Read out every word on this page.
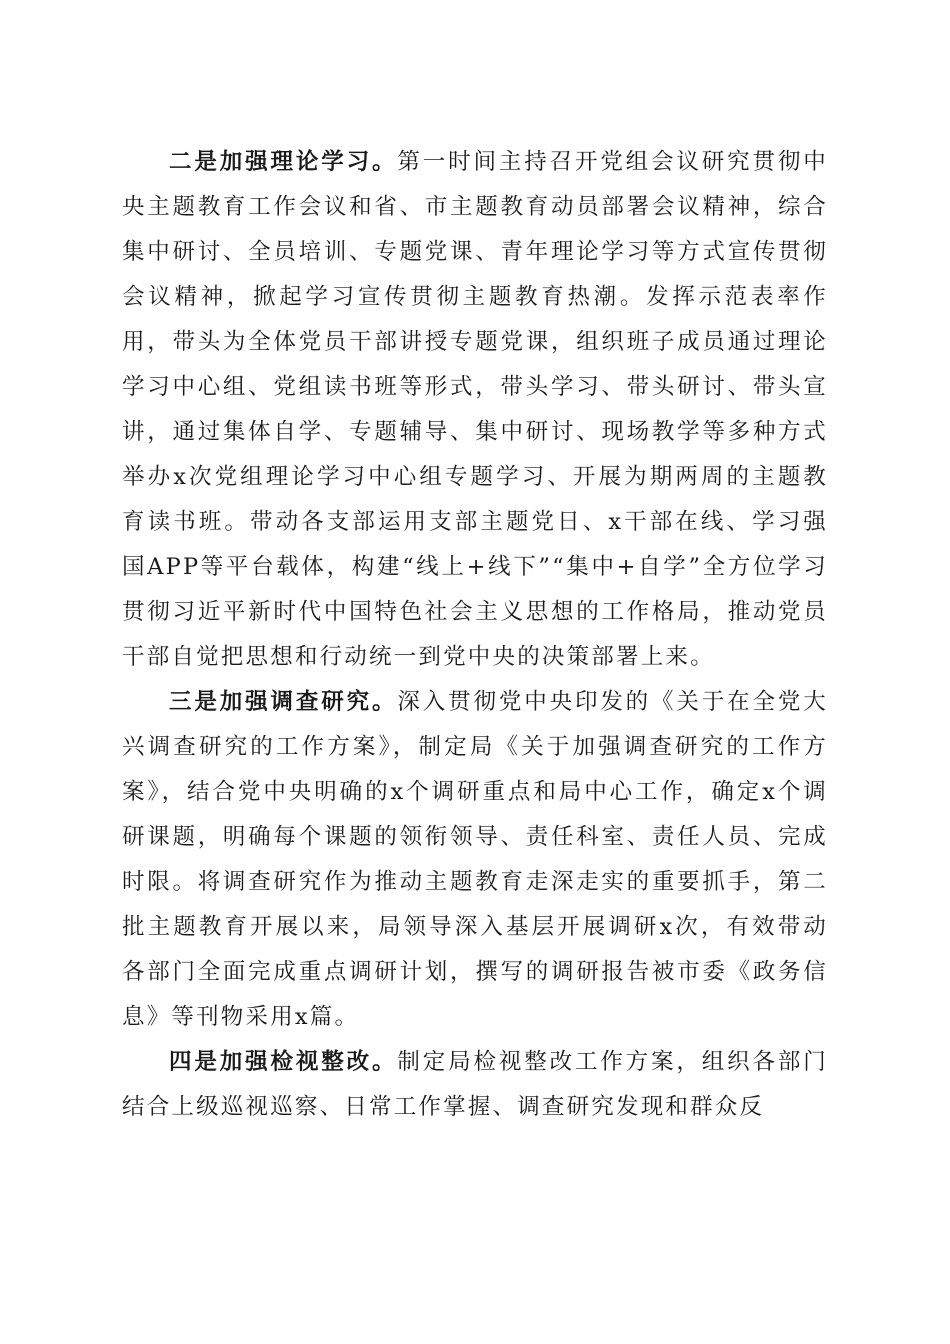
二是加强理论学习。第一时间主持召开党组会议研究贯彻中央主题教育工作会议和省、市主题教育动员部署会议精神，综合集中研讨、全员培训、专题党课、青年理论学习等方式宣传贯彻会议精神，掀起学习宣传贯彻主题教育热潮。发挥示范表率作用，带头为全体党员干部讲授专题党课，组织班子成员通过理论学习中心组、党组读书班等形式，带头学习、带头研讨、带头宣讲，通过集体自学、专题辅导、集中研讨、现场教学等多种方式举办x次党组理论学习中心组专题学习、开展为期两周的主题教育读书班。带动各支部运用支部主题党日、x干部在线、学习强国APP等平台载体，构建“线上+线下”“集中+自学”全方位学习贯彻习近平新时代中国特色社会主义思想的工作格局，推动党员干部自觉把思想和行动统一到党中央的决策部署上来。

三是加强调查研究。深入贯彻党中央印发的《关于在全党大兴调查研究的工作方案》，制定局《关于加强调查研究的工作方案》，结合党中央明确的x个调研重点和局中心工作，确定x个调研课题，明确每个课题的领衔领导、责任科室、责任人员、完成时限。将调查研究作为推动主题教育走深走实的重要抓手，第二批主题教育开展以来，局领导深入基层开展调研x次，有效带动各部门全面完成重点调研计划，撰写的调研报告被市委《政务信息》等刊物采用x篇。

四是加强检视整改。制定局检视整改工作方案，组织各部门结合上级巡视巡察、日常工作掌握、调查研究发现和群众反
